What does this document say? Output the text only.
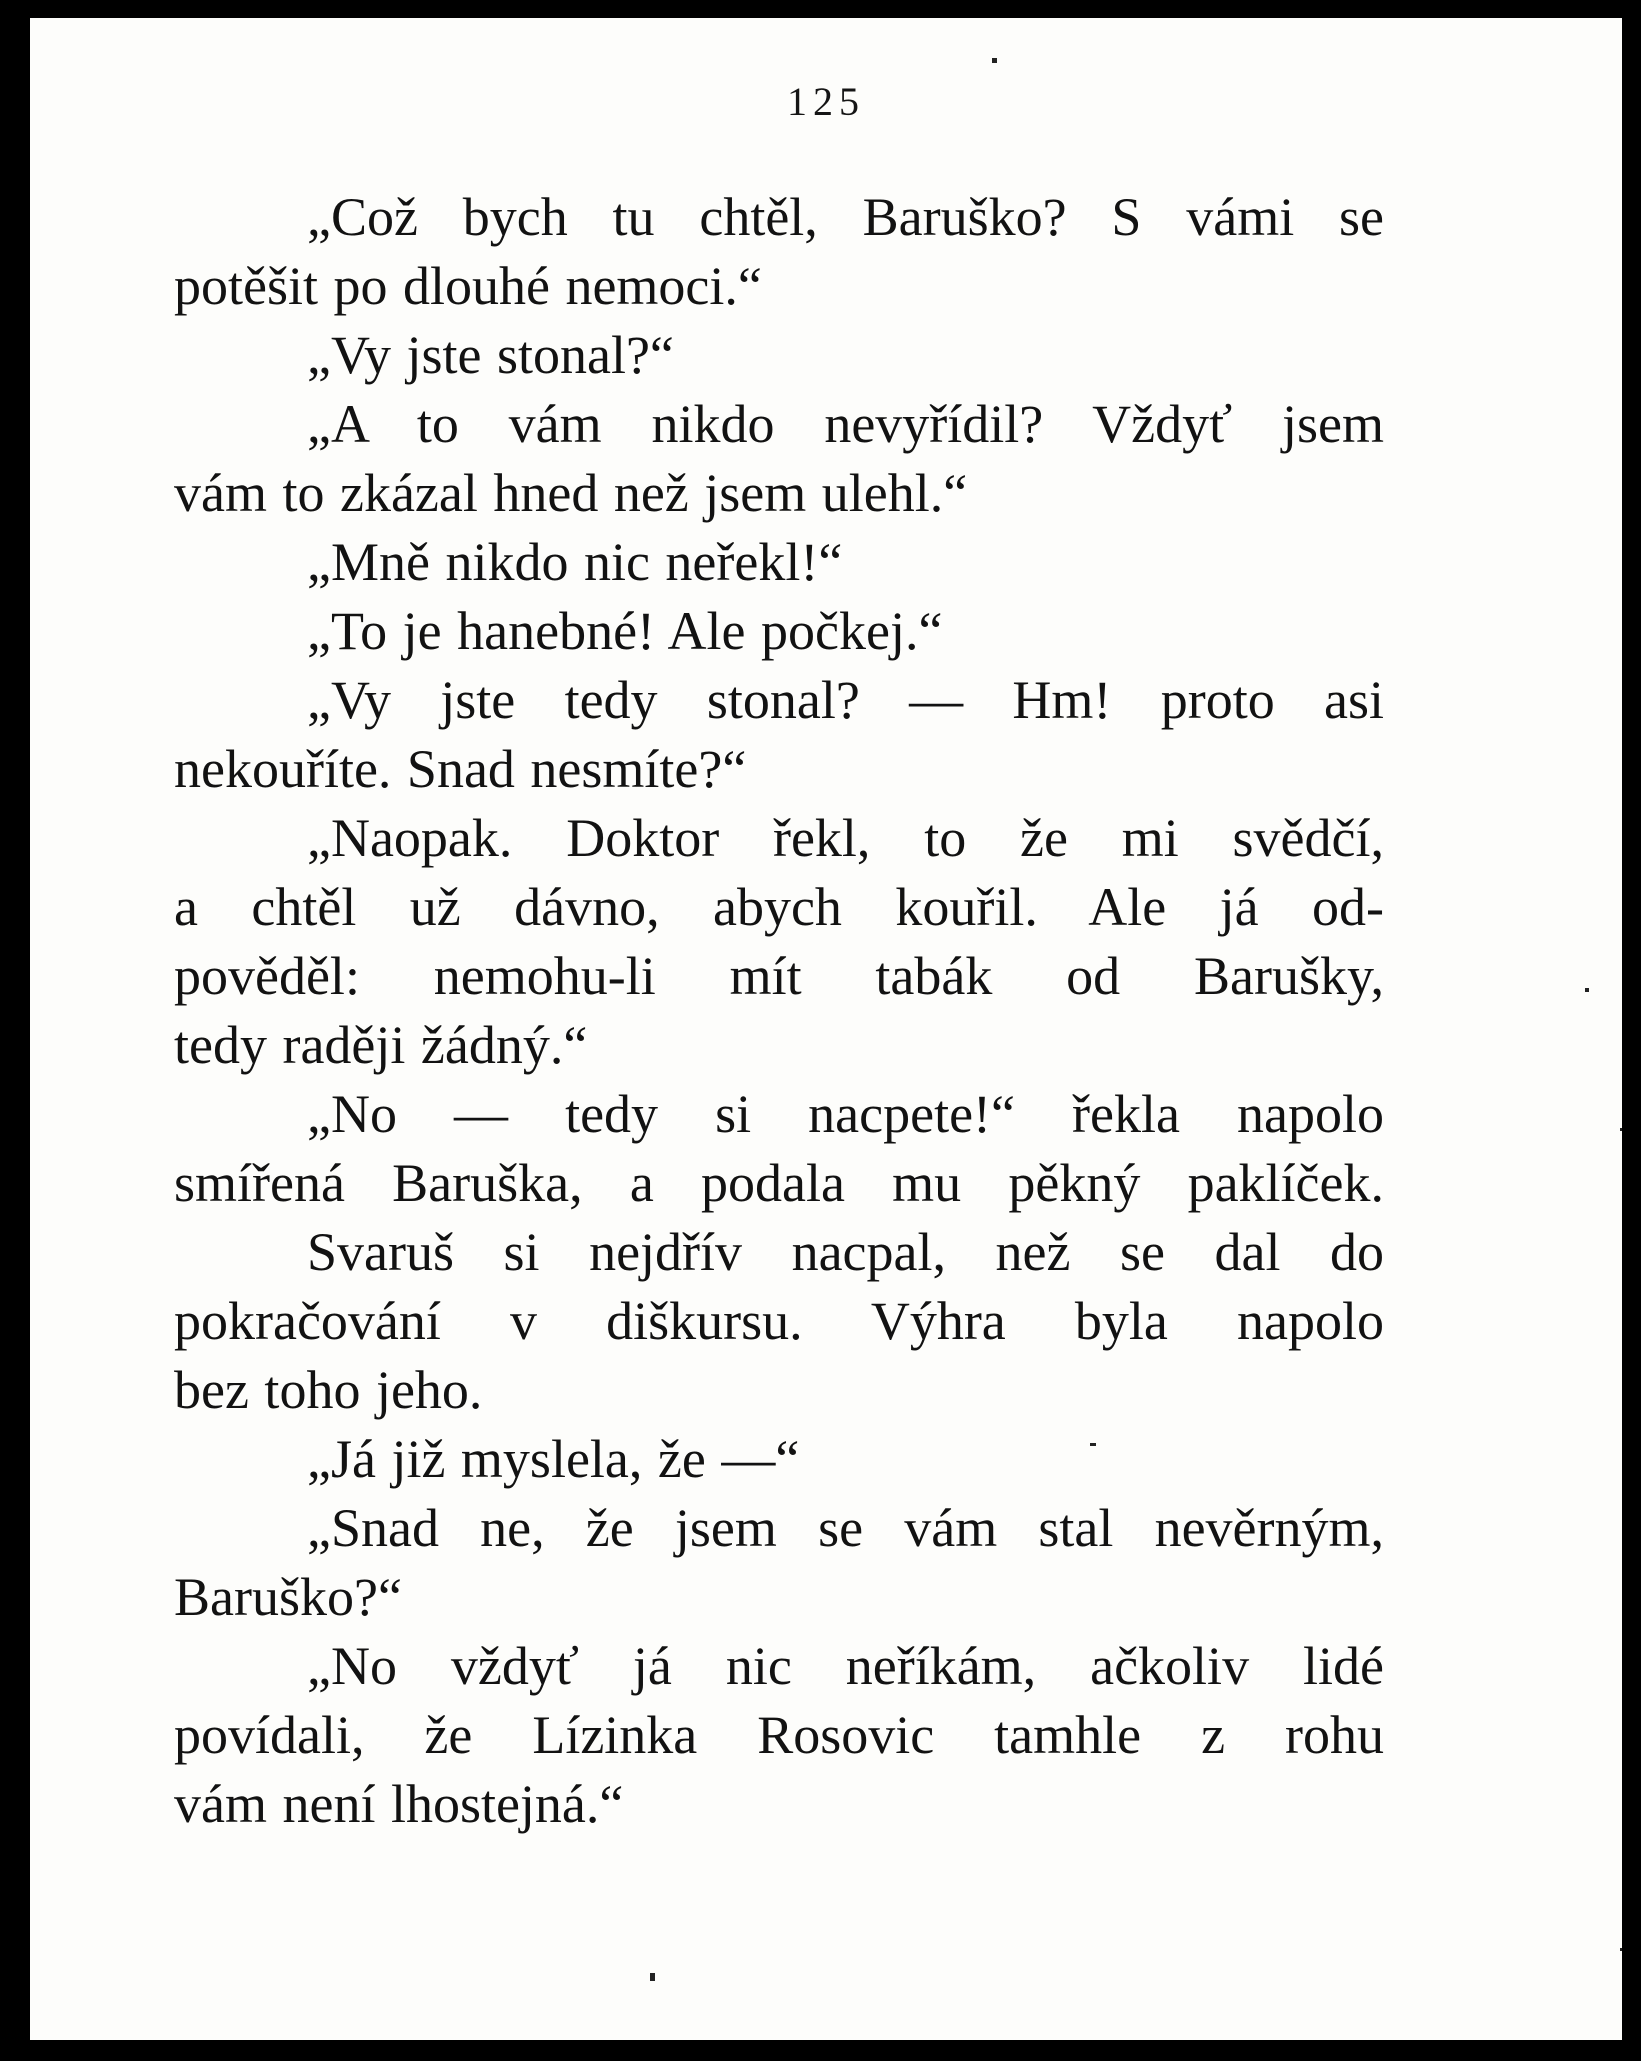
125
„Což bych tu chtěl, Baruško? S vámi se
potěšit po dlouhé nemoci.“
„Vy jste stonal?“
„A to vám nikdo nevyřídil? Vždyť jsem
vám to zkázal hned než jsem ulehl.“
„Mně nikdo nic neřekl!“
„To je hanebné! Ale počkej.“
„Vy jste tedy stonal? — Hm! proto asi
nekouříte. Snad nesmíte?“
„Naopak. Doktor řekl, to že mi svědčí,
a chtěl už dávno, abych kouřil. Ale já od-
pověděl: nemohu-li mít tabák od Barušky,
tedy raději žádný.“
„No — tedy si nacpete!“ řekla napolo
smířená Baruška, a podala mu pěkný paklíček.
Svaruš si nejdřív nacpal, než se dal do
pokračování v diškursu. Výhra byla napolo
bez toho jeho.
„Já již myslela, že —“
„Snad ne, že jsem se vám stal nevěrným,
Baruško?“
„No vždyť já nic neříkám, ačkoliv lidé
povídali, že Lízinka Rosovic tamhle z rohu
vám není lhostejná.“
